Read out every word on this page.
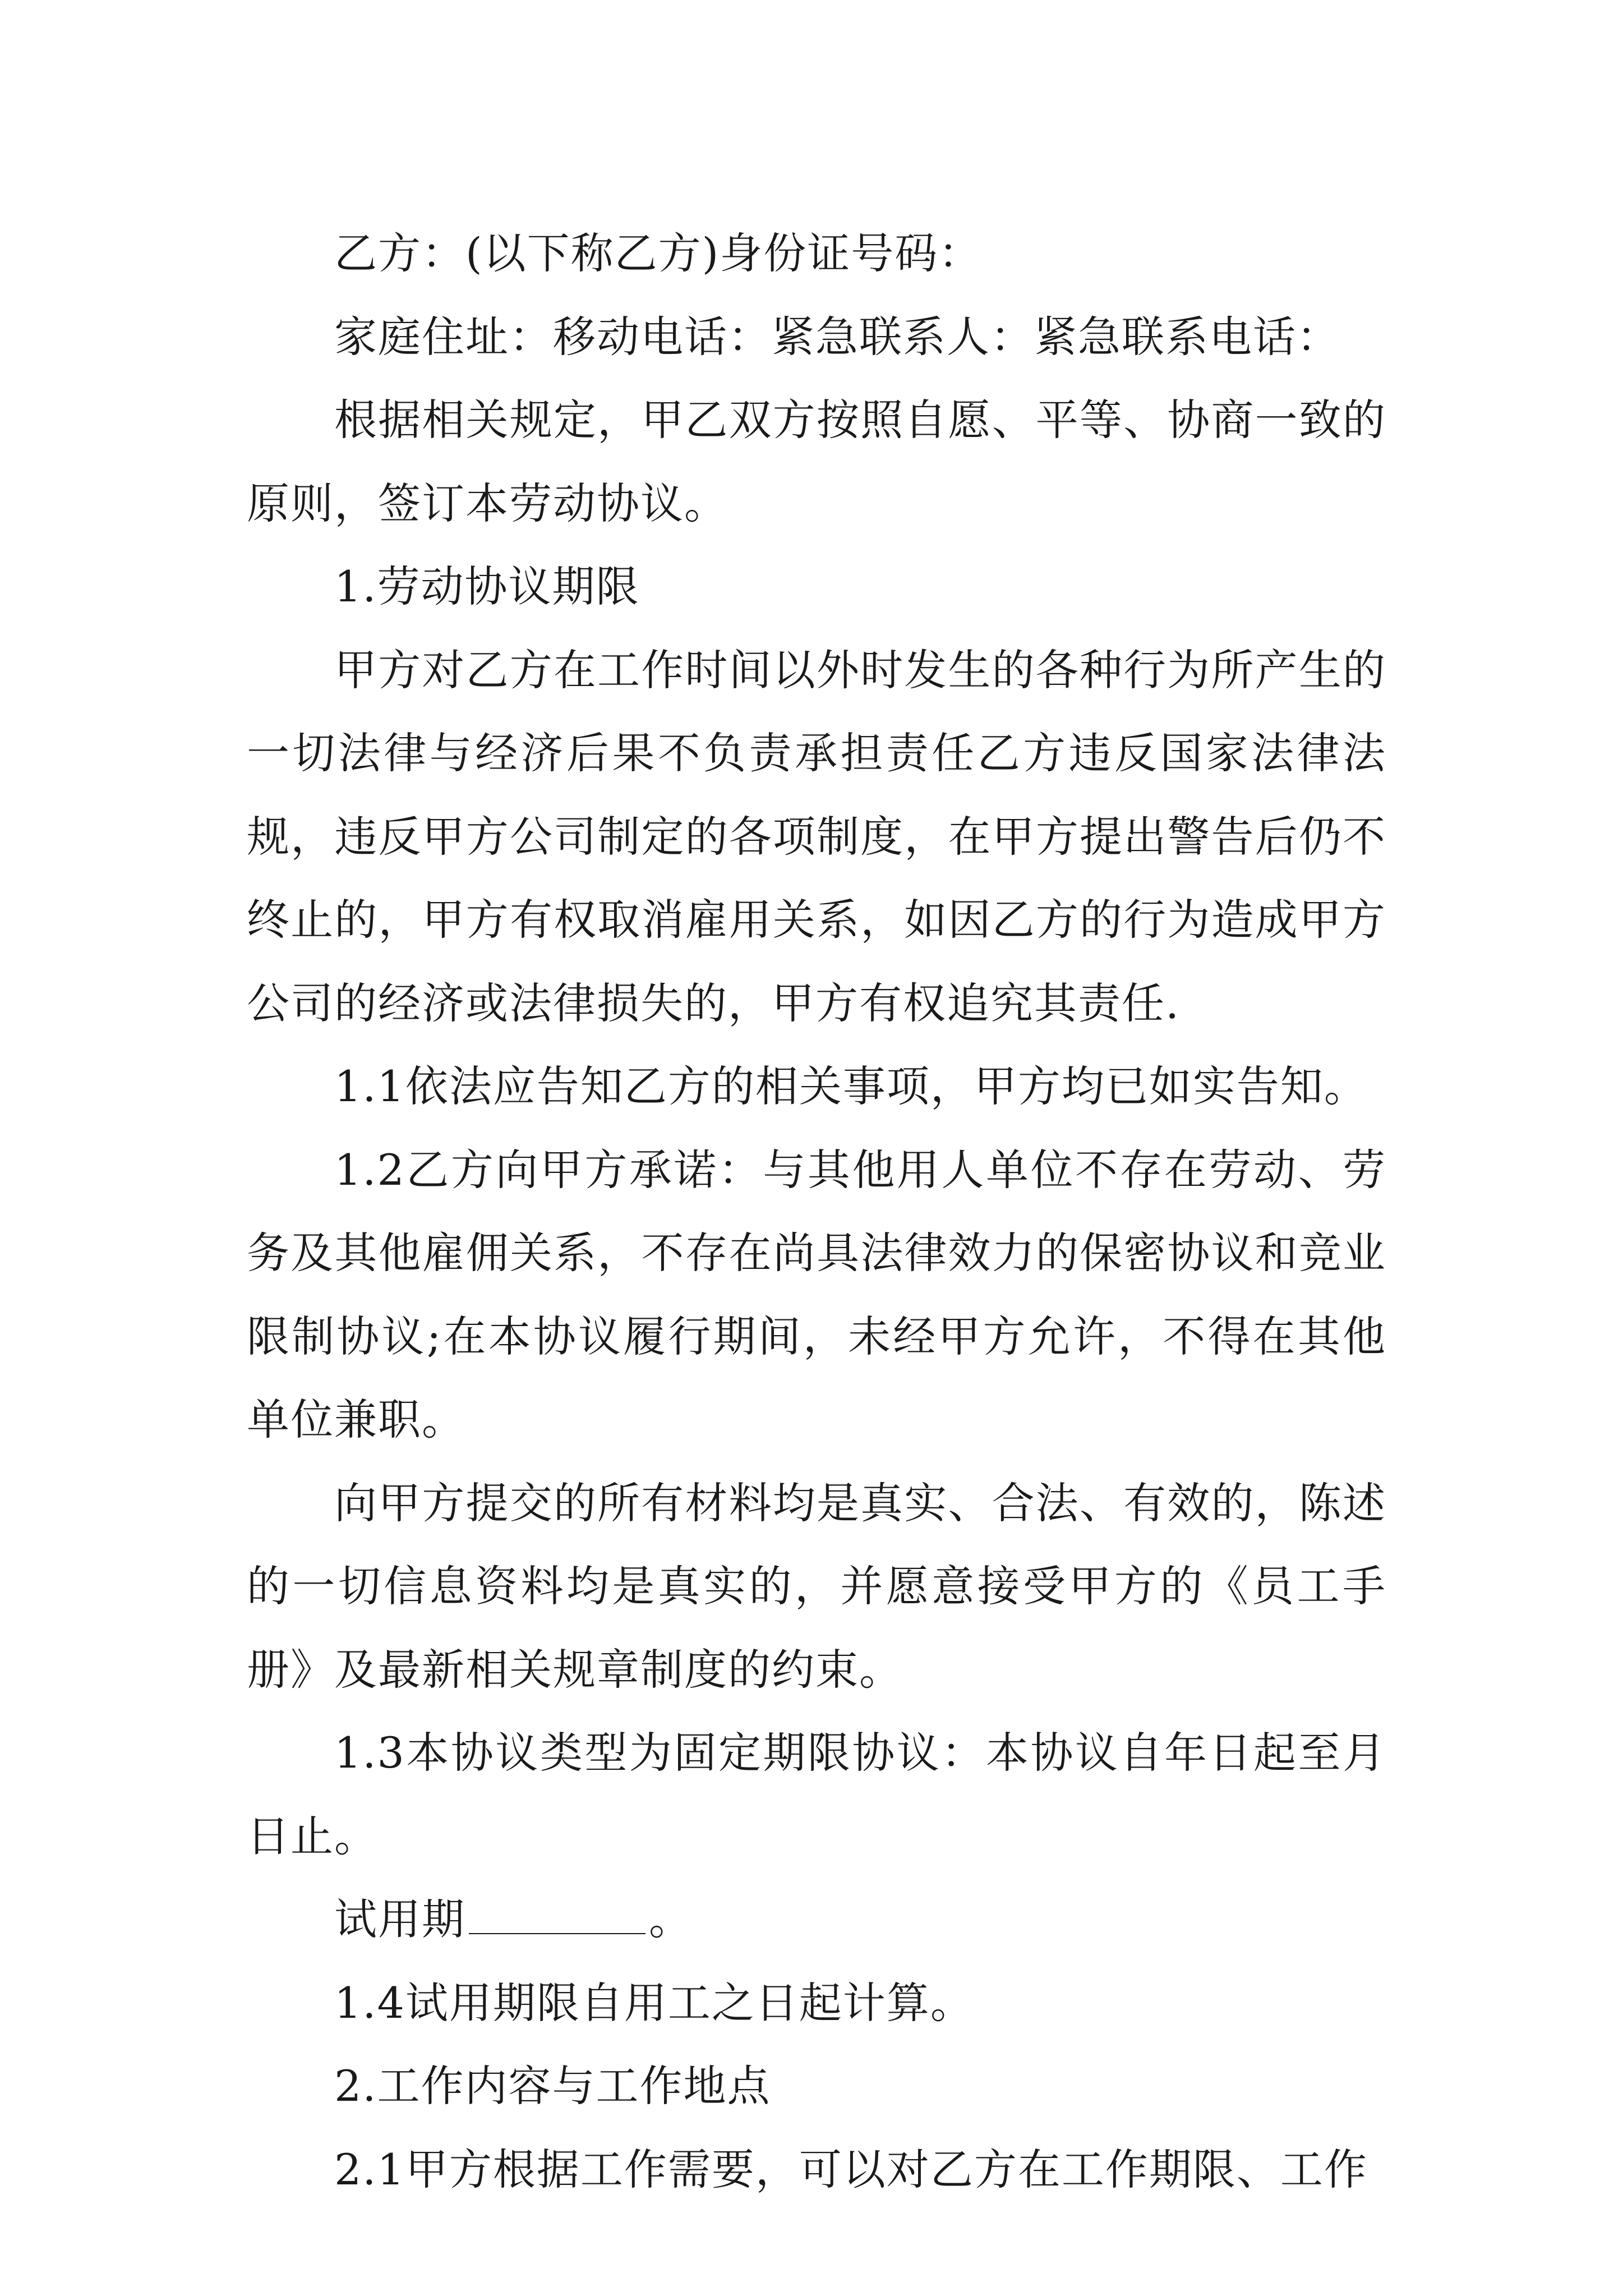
乙方：(以下称乙方)身份证号码：

家庭住址：移动电话：紧急联系人：紧急联系电话：

根据相关规定，甲乙双方按照自愿、平等、协商一致的原则，签订本劳动协议。

1.劳动协议期限

甲方对乙方在工作时间以外时发生的各种行为所产生的一切法律与经济后果不负责承担责任乙方违反国家法律法规，违反甲方公司制定的各项制度，在甲方提出警告后仍不终止的，甲方有权取消雇用关系，如因乙方的行为造成甲方公司的经济或法律损失的，甲方有权追究其责任.

1.1依法应告知乙方的相关事项，甲方均已如实告知。

1.2乙方向甲方承诺：与其他用人单位不存在劳动、劳务及其他雇佣关系，不存在尚具法律效力的保密协议和竞业限制协议;在本协议履行期间，未经甲方允许，不得在其他单位兼职。

向甲方提交的所有材料均是真实、合法、有效的，陈述的一切信息资料均是真实的，并愿意接受甲方的《员工手册》及最新相关规章制度的约束。

1.3本协议类型为固定期限协议：本协议自年日起至月日止。

试用期	。

1.4试用期限自用工之日起计算。

2.工作内容与工作地点

2.1甲方根据工作需要，可以对乙方在工作期限、工作
